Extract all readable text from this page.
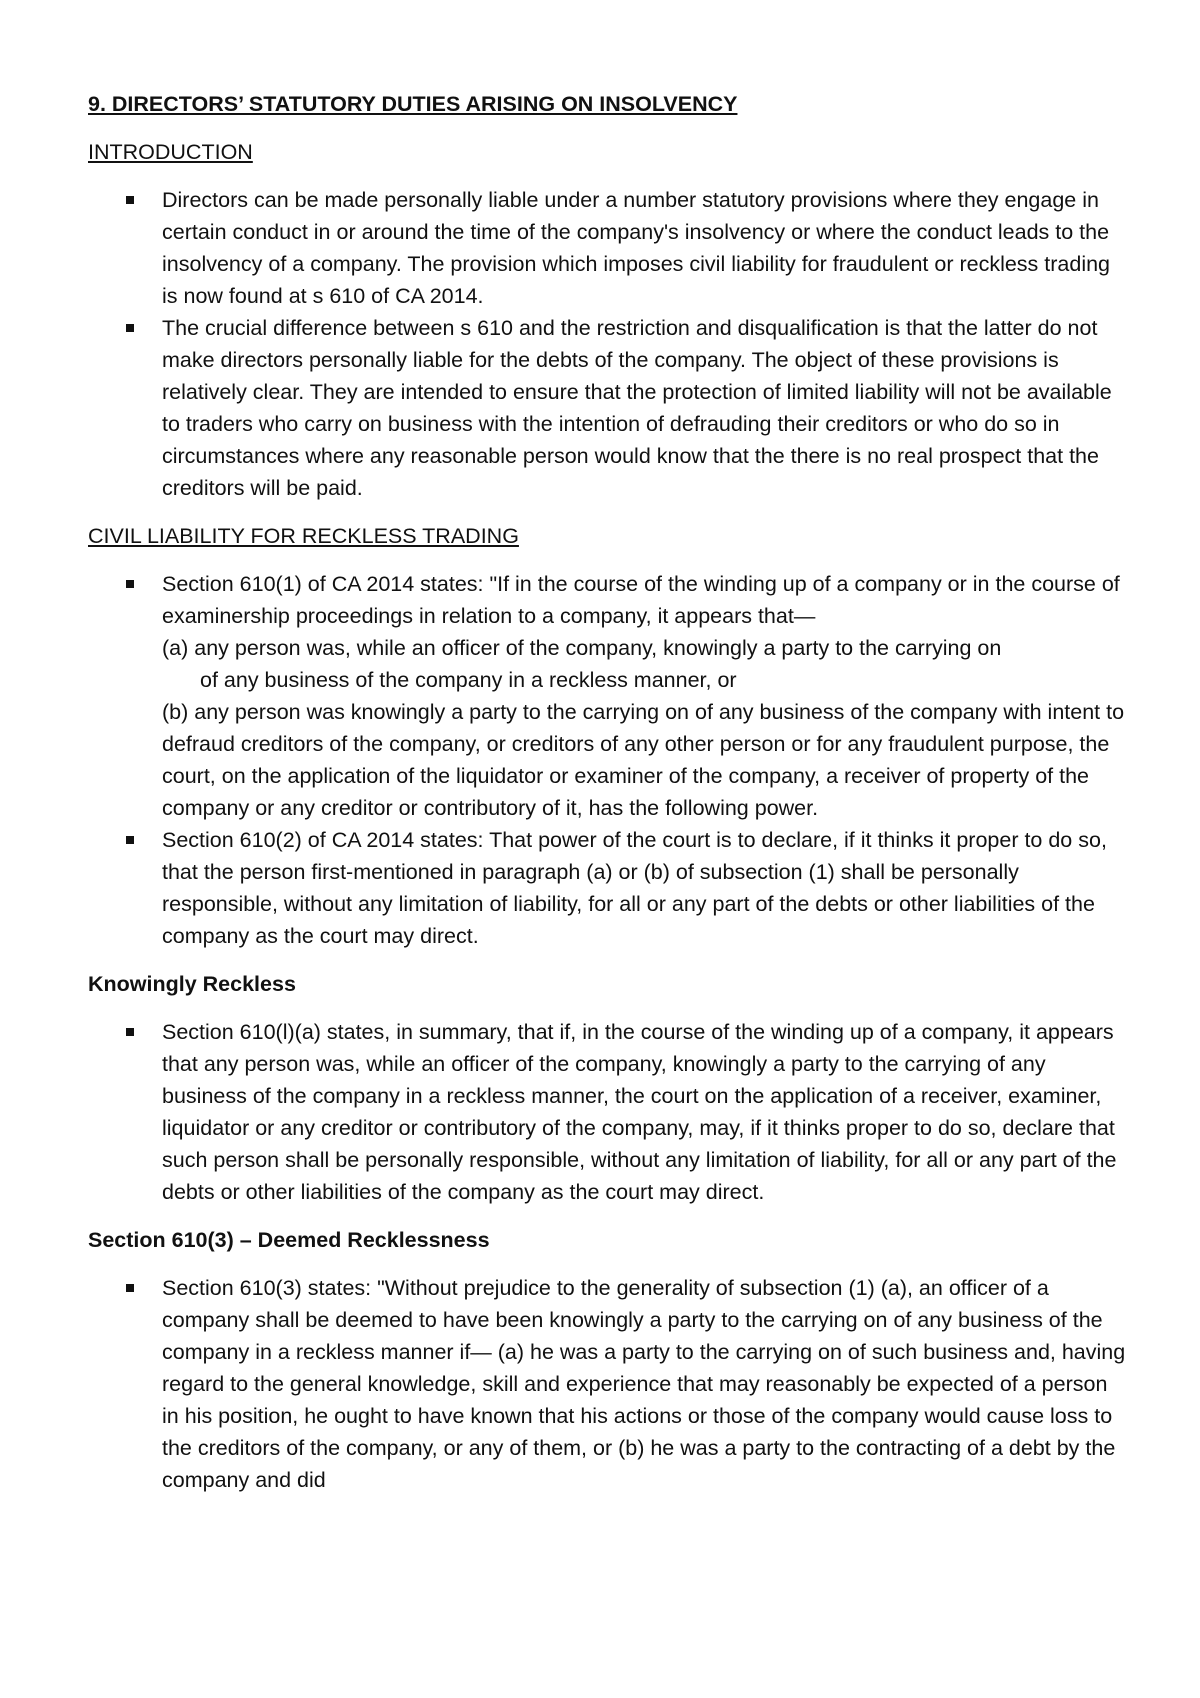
9. DIRECTORS’ STATUTORY DUTIES ARISING ON INSOLVENCY
INTRODUCTION
Directors can be made personally liable under a number statutory provisions where they engage in certain conduct in or around the time of the company's insolvency or where the conduct leads to the insolvency of a company. The provision which imposes civil liability for fraudulent or reckless trading is now found at s 610 of CA 2014.
The crucial difference between s 610 and the restriction and disqualification is that the latter do not make directors personally liable for the debts of the company. The object of these provisions is relatively clear. They are intended to ensure that the protection of limited liability will not be available to traders who carry on business with the intention of defrauding their creditors or who do so in circumstances where any reasonable person would know that the there is no real prospect that the creditors will be paid.
CIVIL LIABILITY FOR RECKLESS TRADING
Section 610(1) of CA 2014 states: "If in the course of the winding up of a company or in the course of examinership proceedings in relation to a company, it appears that—
(a) any person was, while an officer of the company, knowingly a party to the carrying on
of any business of the company in a reckless manner, or
(b) any person was knowingly a party to the carrying on of any business of the company with intent to defraud creditors of the company, or creditors of any other person or for any fraudulent purpose, the court, on the application of the liquidator or examiner of the company, a receiver of property of the company or any creditor or contributory of it, has the following power.
Section 610(2) of CA 2014 states: That power of the court is to declare, if it thinks it proper to do so, that the person first-mentioned in paragraph (a) or (b) of subsection (1) shall be personally responsible, without any limitation of liability, for all or any part of the debts or other liabilities of the company as the court may direct.
Knowingly Reckless
Section 610(l)(a) states, in summary, that if, in the course of the winding up of a company, it appears that any person was, while an officer of the company, knowingly a party to the carrying of any business of the company in a reckless manner, the court on the application of a receiver, examiner, liquidator or any creditor or contributory of the company, may, if it thinks proper to do so, declare that such person shall be personally responsible, without any limitation of liability, for all or any part of the debts or other liabilities of the company as the court may direct.
Section 610(3) – Deemed Recklessness
Section 610(3) states: "Without prejudice to the generality of subsection (1) (a), an officer of a company shall be deemed to have been knowingly a party to the carrying on of any business of the company in a reckless manner if— (a) he was a party to the carrying on of such business and, having regard to the general knowledge, skill and experience that may reasonably be expected of a person in his position, he ought to have known that his actions or those of the company would cause loss to the creditors of the company, or any of them, or (b) he was a party to the contracting of a debt by the company and did
